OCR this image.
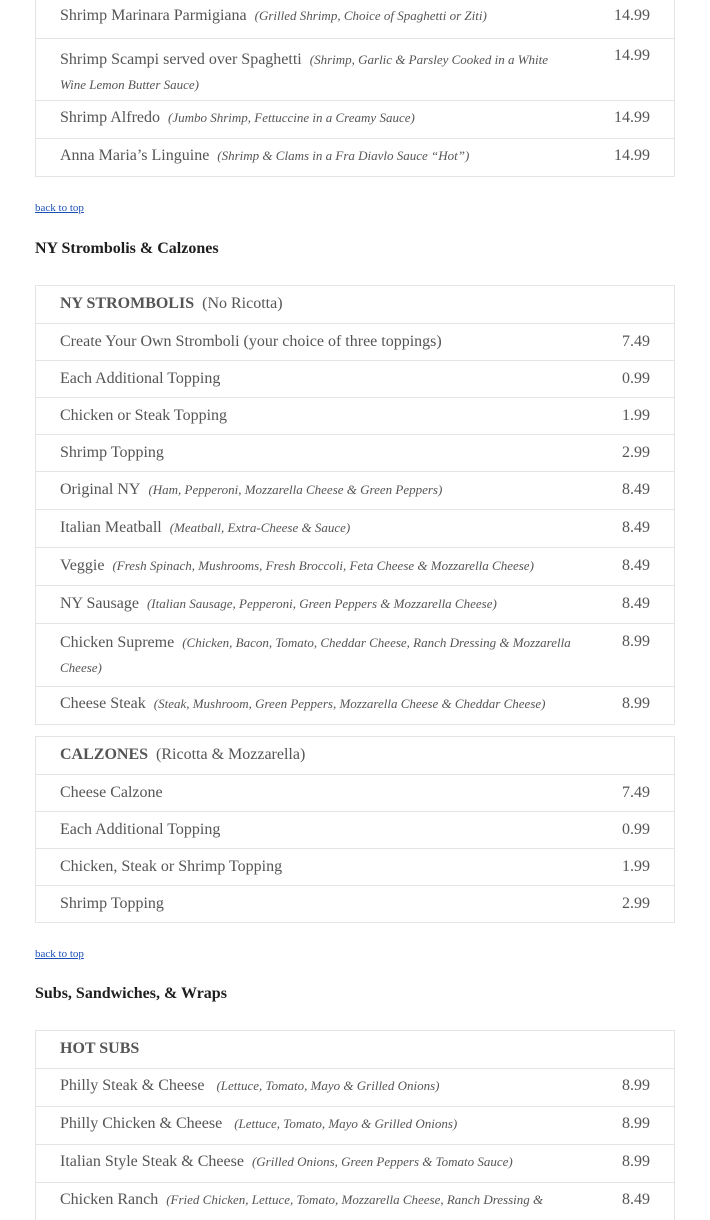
Shrimp Marinara Parmigiana (Grilled Shrimp, Choice of Spaghetti or Ziti)	14.99
Shrimp Scampi served over Spaghetti (Shrimp, Garlic & Parsley Cooked in a White Wine Lemon Butter Sauce)
14.99
Shrimp Alfredo (Jumbo Shrimp, Fettuccine in a Creamy Sauce)	14.99
Anna Maria’s Linguine (Shrimp & Clams in a Fra Diavlo Sauce “Hot”)	14.99
back to top
NY Strombolis & Calzones
NY STROMBOLIS (No Ricotta)
Create Your Own Stromboli (your choice of three toppings)	7.49
Each Additional Topping	0.99
Chicken or Steak Topping	1.99
Shrimp Topping	2.99
Original NY (Ham, Pepperoni, Mozzarella Cheese & Green Peppers)	8.49
Italian Meatball (Meatball, Extra-Cheese & Sauce)	8.49
Veggie (Fresh Spinach, Mushrooms, Fresh Broccoli, Feta Cheese & Mozzarella Cheese)	8.49
NY Sausage (Italian Sausage, Pepperoni, Green Peppers & Mozzarella Cheese)	8.49
Chicken Supreme (Chicken, Bacon, Tomato, Cheddar Cheese, Ranch Dressing & Mozzarella Cheese)
8.99
Cheese Steak (Steak, Mushroom, Green Peppers, Mozzarella Cheese & Cheddar Cheese)	8.99
CALZONES (Ricotta & Mozzarella)
Cheese Calzone	7.49
Each Additional Topping	0.99
Chicken, Steak or Shrimp Topping	1.99
Shrimp Topping	2.99
back to top
Subs, Sandwiches, & Wraps
HOT SUBS
Philly Steak & Cheese (Lettuce, Tomato, Mayo & Grilled Onions)	8.99
Philly Chicken & Cheese (Lettuce, Tomato, Mayo & Grilled Onions)	8.99
Italian Style Steak & Cheese (Grilled Onions, Green Peppers & Tomato Sauce)	8.99
Chicken Ranch (Fried Chicken, Lettuce, Tomato, Mozzarella Cheese, Ranch Dressing &	8.49
